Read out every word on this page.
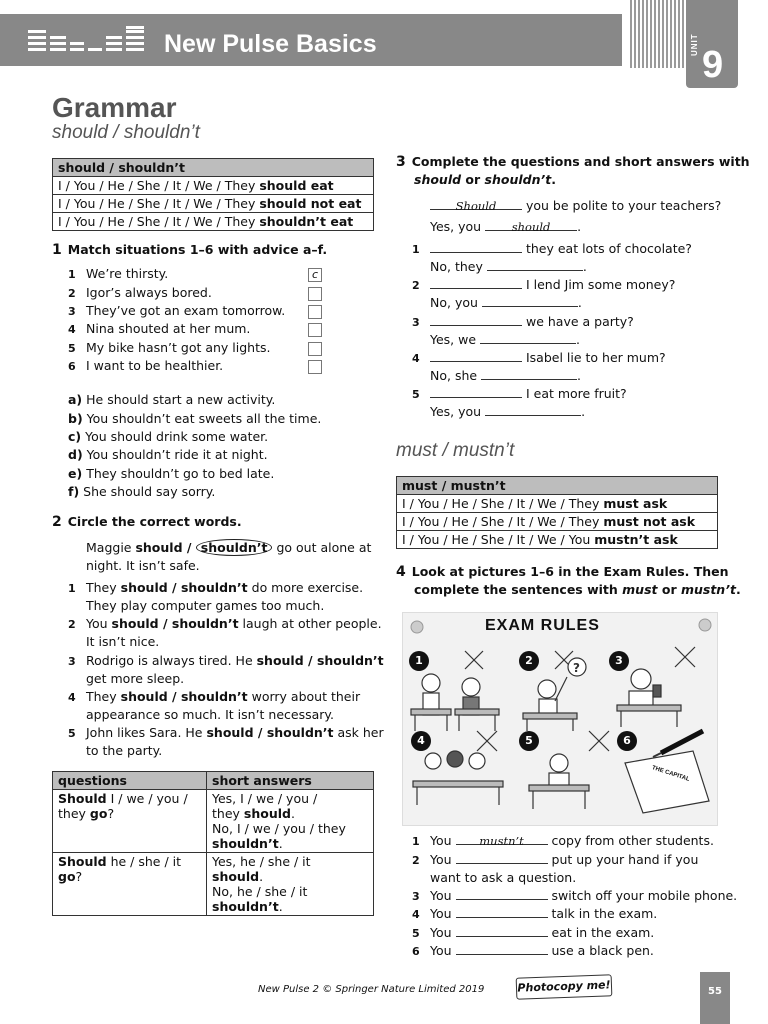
New Pulse Basics	UNIT 9
Grammar
should / shouldn’t
should / shouldn’t
I / You / He / She / It / We / They should eat
I / You / He / She / It / We / They should not eat
I / You / He / She / It / We / They shouldn’t eat
1 Match situations 1–6 with advice a–f.
1 We’re thirsty.
2 Igor’s always bored.
3 They’ve got an exam tomorrow.
4 Nina shouted at her mum.
5 My bike hasn’t got any lights.
6 I want to be healthier.
c
a) He should start a new activity.
b) You shouldn’t eat sweets all the time.
c) You should drink some water.
d) You shouldn’t ride it at night.
e) They shouldn’t go to bed late.
f) She should say sorry.
2 Circle the correct words.
Maggie should / shouldn’t go out alone at
night. It isn’t safe.
1 They should / shouldn’t do more exercise.
They play computer games too much.
2 You should / shouldn’t laugh at other people.
It isn’t nice.
3 Rodrigo is always tired. He should / shouldn’t
get more sleep.
4 They should / shouldn’t worry about their
appearance so much. It isn’t necessary.
5 John likes Sara. He should / shouldn’t ask her
to the party.
questions	short answers
Should I / we / you /
they go?	Yes, I / we / you /
they should.
No, I / we / you / they
shouldn’t.
Should he / she / it go?	Yes, he / she / it
should.
No, he / she / it
shouldn’t.
3 Complete the questions and short answers with
should or shouldn’t.
Should you be polite to your teachers?
Yes, you should .
1	they eat lots of chocolate?
No, they	.
2	I lend Jim some money?
No, you	.
3	we have a party?
Yes, we	.
4	Isabel lie to her mum?
No, she	.
5	I eat more fruit?
Yes, you	.
must / mustn’t
must / mustn’t
I / You / He / She / It / We / They must ask
I / You / He / She / It / We / They must not ask
I / You / He / She / It / We / You mustn’t ask
4 Look at pictures 1–6 in the Exam Rules. Then
complete the sentences with must or mustn’t.
EXAM RULES
?
1	2	3
4	5	6
THE CAPITAL
1 You mustn’t copy from other students.
2 You	put up your hand if you
want to ask a question.
3 You	switch off your mobile phone.
4 You	talk in the exam.
5 You	eat in the exam.
6 You	use a black pen.
New Pulse 2 © Springer Nature Limited 2019	Photocopy me!	55
